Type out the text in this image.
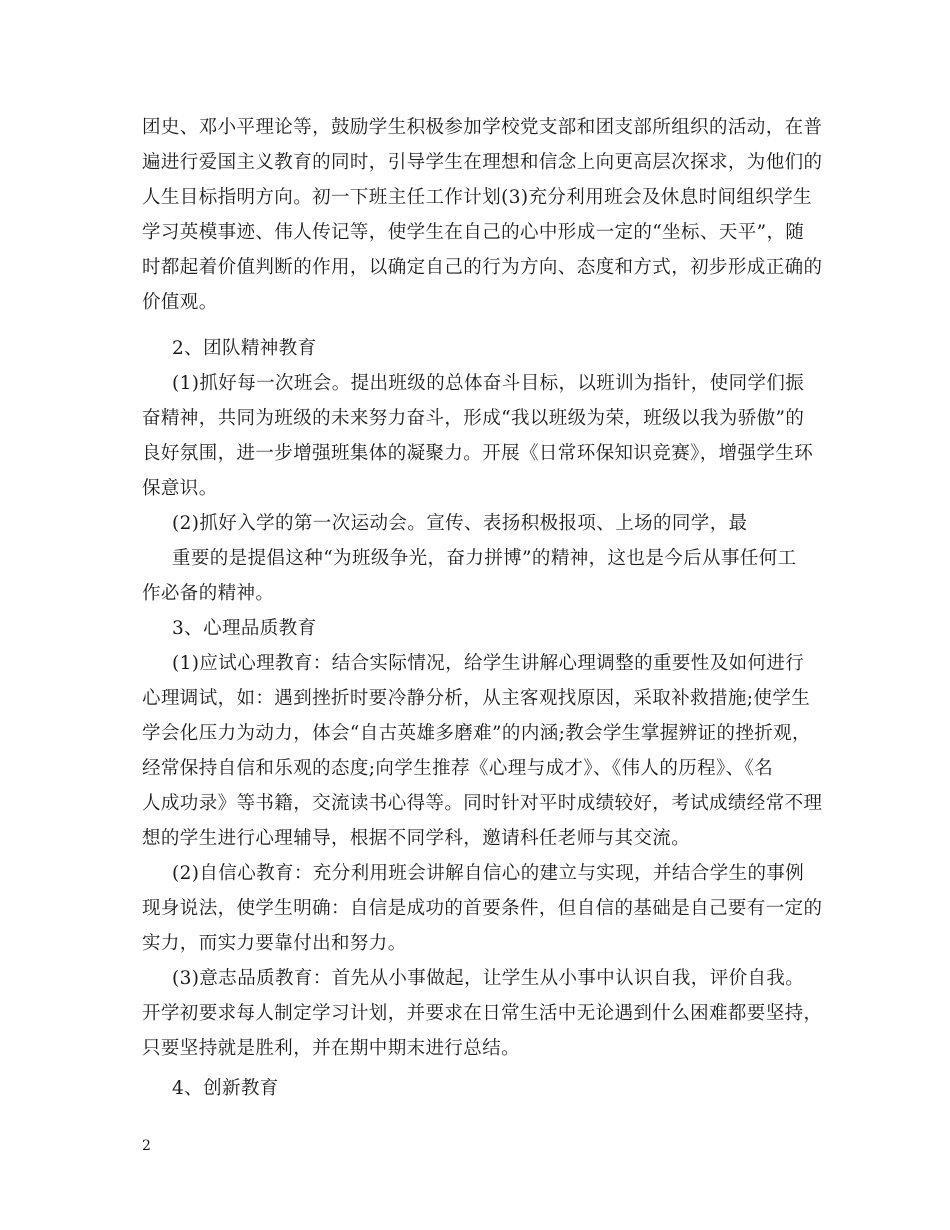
团史、邓小平理论等，鼓励学生积极参加学校党支部和团支部所组织的活动，在普
遍进行爱国主义教育的同时，引导学生在理想和信念上向更高层次探求，为他们的
人生目标指明方向。初一下班主任工作计划(3)充分利用班会及休息时间组织学生
学习英模事迹、伟人传记等，使学生在自己的心中形成一定的“坐标、天平”，随
时都起着价值判断的作用，以确定自己的行为方向、态度和方式，初步形成正确的
价值观。
2、团队精神教育
(1)抓好每一次班会。提出班级的总体奋斗目标，以班训为指针，使同学们振
奋精神，共同为班级的未来努力奋斗，形成“我以班级为荣，班级以我为骄傲”的
良好氛围，进一步增强班集体的凝聚力。开展《日常环保知识竞赛》，增强学生环
保意识。
(2)抓好入学的第一次运动会。宣传、表扬积极报项、上场的同学，最
重要的是提倡这种“为班级争光，奋力拼博”的精神，这也是今后从事任何工
作必备的精神。
3、心理品质教育
(1)应试心理教育：结合实际情况，给学生讲解心理调整的重要性及如何进行
心理调试，如：遇到挫折时要冷静分析，从主客观找原因，采取补救措施;使学生
学会化压力为动力，体会“自古英雄多磨难”的内涵;教会学生掌握辨证的挫折观，
经常保持自信和乐观的态度;向学生推荐《心理与成才》、《伟人的历程》、《名
人成功录》等书籍，交流读书心得等。同时针对平时成绩较好，考试成绩经常不理
想的学生进行心理辅导，根据不同学科，邀请科任老师与其交流。
(2)自信心教育：充分利用班会讲解自信心的建立与实现，并结合学生的事例
现身说法，使学生明确：自信是成功的首要条件，但自信的基础是自己要有一定的
实力，而实力要靠付出和努力。
(3)意志品质教育：首先从小事做起，让学生从小事中认识自我，评价自我。
开学初要求每人制定学习计划，并要求在日常生活中无论遇到什么困难都要坚持，
只要坚持就是胜利，并在期中期末进行总结。
4、创新教育
2
